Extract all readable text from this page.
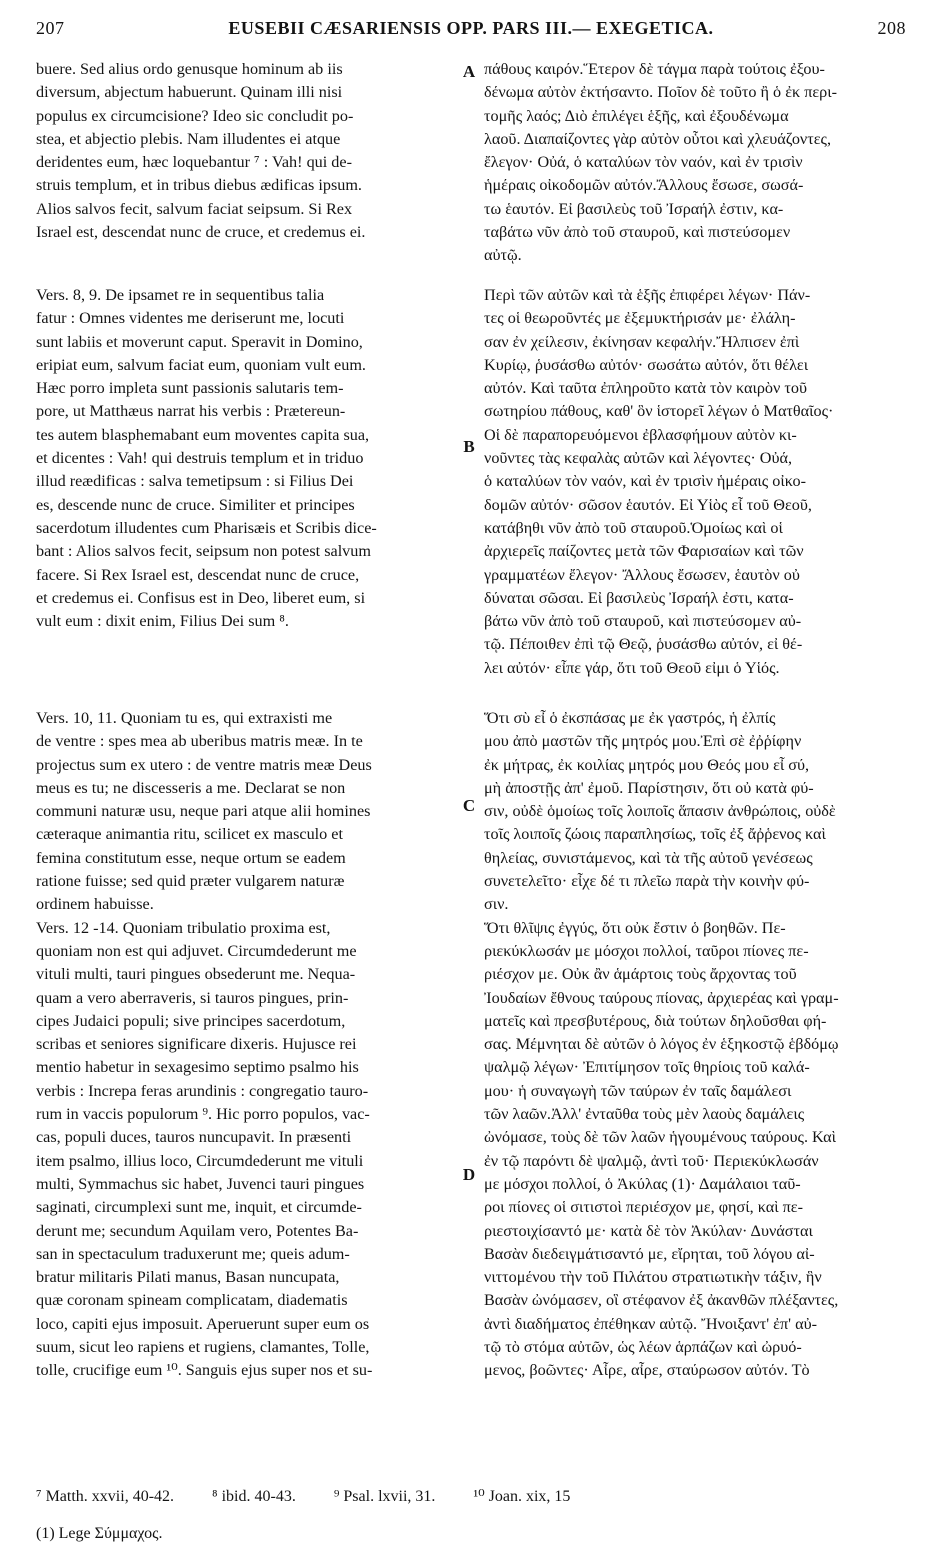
207	EUSEBII CÆSARIENSIS OPP. PARS III.— EXEGETICA.	208
A
B
C
D
buere. Sed alius ordo genusque hominum ab iis
diversum, abjectum habuerunt. Quinam illi nisi
populus ex circumcisione? Ideo sic concludit po-
stea, et abjectio plebis. Nam illudentes ei atque
deridentes eum, hæc loquebantur ⁷ : Vah! qui de-
struis templum, et in tribus diebus ædificas ipsum.
Alios salvos fecit, salvum faciat seipsum. Si Rex
Israel est, descendat nunc de cruce, et credemus ei.
Vers. 8, 9. De ipsamet re in sequentibus talia
fatur : Omnes videntes me deriserunt me, locuti
sunt labiis et moverunt caput. Speravit in Domino,
eripiat eum, salvum faciat eum, quoniam vult eum.
Hæc porro impleta sunt passionis salutaris tem-
pore, ut Matthæus narrat his verbis : Prætereun-
tes autem blasphemabant eum moventes capita sua,
et dicentes : Vah! qui destruis templum et in triduo
illud reædificas : salva temetipsum : si Filius Dei
es, descende nunc de cruce. Similiter et principes
sacerdotum illudentes cum Pharisæis et Scribis dice-
bant : Alios salvos fecit, seipsum non potest salvum
facere. Si Rex Israel est, descendat nunc de cruce,
et credemus ei. Confisus est in Deo, liberet eum, si
vult eum : dixit enim, Filius Dei sum ⁸.
Vers. 10, 11. Quoniam tu es, qui extraxisti me
de ventre : spes mea ab uberibus matris meæ. In te
projectus sum ex utero : de ventre matris meæ Deus
meus es tu; ne discesseris a me. Declarat se non
communi naturæ usu, neque pari atque alii homines
cæteraque animantia ritu, scilicet ex masculo et
femina constitutum esse, neque ortum se eadem
ratione fuisse; sed quid præter vulgarem naturæ
ordinem habuisse.
Vers. 12 -14. Quoniam tribulatio proxima est,
quoniam non est qui adjuvet. Circumdederunt me
vituli multi, tauri pingues obsederunt me. Nequa-
quam a vero aberraveris, si tauros pingues, prin-
cipes Judaici populi; sive principes sacerdotum,
scribas et seniores significare dixeris. Hujusce rei
mentio habetur in sexagesimo septimo psalmo his
verbis : Increpa feras arundinis : congregatio tauro-
rum in vaccis populorum ⁹. Hic porro populos, vac-
cas, populi duces, tauros nuncupavit. In præsenti
item psalmo, illius loco, Circumdederunt me vituli
multi, Symmachus sic habet, Juvenci tauri pingues
saginati, circumplexi sunt me, inquit, et circumde-
derunt me; secundum Aquilam vero, Potentes Ba-
san in spectaculum traduxerunt me; queis adum-
bratur militaris Pilati manus, Basan nuncupata,
quæ coronam spineam complicatam, diadematis
loco, capiti ejus imposuit. Aperuerunt super eum os
suum, sicut leo rapiens et rugiens, clamantes, Tolle,
tolle, crucifige eum ¹⁰. Sanguis ejus super nos et su-
πάθους καιρόν.Ἕτερον δὲ τάγμα παρὰ τούτοις ἐξου-
δένωμα αὐτὸν ἐκτήσαντο. Ποῖον δὲ τοῦτο ἢ ὁ ἐκ περι-
τομῆς λαός; Διὸ ἐπιλέγει ἑξῆς, καὶ ἐξουδένωμα
λαοῦ. Διαπαίζοντες γὰρ αὐτὸν οὗτοι καὶ χλευάζοντες,
ἔλεγον· Οὐά, ὁ καταλύων τὸν ναόν, καὶ ἐν τρισὶν
ἡμέραις οἰκοδομῶν αὐτόν.Ἄλλους ἔσωσε, σωσά-
τω ἑαυτόν. Εἰ βασιλεὺς τοῦ Ἰσραήλ ἐστιν, κα-
ταβάτω νῦν ἀπὸ τοῦ σταυροῦ, καὶ πιστεύσομεν
αὐτῷ.
Περὶ τῶν αὐτῶν καὶ τὰ ἑξῆς ἐπιφέρει λέγων· Πάν-
τες οἱ θεωροῦντές με ἐξεμυκτήρισάν με· ἐλάλη-
σαν ἐν χείλεσιν, ἐκίνησαν κεφαλήν.Ἤλπισεν ἐπὶ
Κυρίῳ, ῥυσάσθω αὐτόν· σωσάτω αὐτόν, ὅτι θέλει
αὐτόν. Καὶ ταῦτα ἐπληροῦτο κατὰ τὸν καιρὸν τοῦ
σωτηρίου πάθους, καθ' ὃν ἱστορεῖ λέγων ὁ Ματθαῖος·
Οἱ δὲ παραπορευόμενοι ἐβλασφήμουν αὐτὸν κι-
νοῦντες τὰς κεφαλὰς αὐτῶν καὶ λέγοντες· Οὐά,
ὁ καταλύων τὸν ναόν, καὶ ἐν τρισὶν ἡμέραις οἰκο-
δομῶν αὐτόν· σῶσον ἑαυτόν. Εἰ Υἱὸς εἶ τοῦ Θεοῦ,
κατάβηθι νῦν ἀπὸ τοῦ σταυροῦ.Ὁμοίως καὶ οἱ
ἀρχιερεῖς παίζοντες μετὰ τῶν Φαρισαίων καὶ τῶν
γραμματέων ἔλεγον· Ἄλλους ἔσωσεν, ἑαυτὸν οὐ
δύναται σῶσαι. Εἰ βασιλεὺς Ἰσραήλ ἐστι, κατα-
βάτω νῦν ἀπὸ τοῦ σταυροῦ, καὶ πιστεύσομεν αὐ-
τῷ. Πέποιθεν ἐπὶ τῷ Θεῷ, ῥυσάσθω αὐτόν, εἰ θέ-
λει αὐτόν· εἶπε γάρ, ὅτι τοῦ Θεοῦ εἰμι ὁ Υἱός.
Ὅτι σὺ εἶ ὁ ἐκσπάσας με ἐκ γαστρός, ἡ ἐλπίς
μου ἀπὸ μαστῶν τῆς μητρός μου.Ἐπὶ σὲ ἐῤῥίφην
ἐκ μήτρας, ἐκ κοιλίας μητρός μου Θεός μου εἶ σύ,
μὴ ἀποστῇς ἀπ' ἐμοῦ. Παρίστησιν, ὅτι οὐ κατὰ φύ-
σιν, οὐδὲ ὁμοίως τοῖς λοιποῖς ἅπασιν ἀνθρώποις, οὐδὲ
τοῖς λοιποῖς ζώοις παραπλησίως, τοῖς ἐξ ἄῤῥενος καὶ
θηλείας, συνιστάμενος, καὶ τὰ τῆς αὐτοῦ γενέσεως
συνετελεῖτο· εἶχε δέ τι πλεῖω παρὰ τὴν κοινὴν φύ-
σιν.
Ὅτι θλῖψις ἐγγύς, ὅτι οὐκ ἔστιν ὁ βοηθῶν. Πε-
ριεκύκλωσάν με μόσχοι πολλοί, ταῦροι πίονες πε-
ριέσχον με. Οὐκ ἂν ἁμάρτοις τοὺς ἄρχοντας τοῦ
Ἰουδαίων ἔθνους ταύρους πίονας, ἀρχιερέας καὶ γραμ-
ματεῖς καὶ πρεσβυτέρους, διὰ τούτων δηλοῦσθαι φή-
σας. Μέμνηται δὲ αὐτῶν ὁ λόγος ἐν ἑξηκοστῷ ἑβδόμῳ
ψαλμῷ λέγων· Ἐπιτίμησον τοῖς θηρίοις τοῦ καλά-
μου· ἡ συναγωγὴ τῶν ταύρων ἐν ταῖς δαμάλεσι
τῶν λαῶν.Ἀλλ' ἐνταῦθα τοὺς μὲν λαοὺς δαμάλεις
ὠνόμασε, τοὺς δὲ τῶν λαῶν ἡγουμένους ταύρους. Καὶ
ἐν τῷ παρόντι δὲ ψαλμῷ, ἀντὶ τοῦ· Περιεκύκλωσάν
με μόσχοι πολλοί, ὁ Ἀκύλας (1)· Δαμάλαιοι ταῦ-
ροι πίονες οἱ σιτιστοὶ περιέσχον με, φησί, καὶ πε-
ριεστοιχίσαντό με· κατὰ δὲ τὸν Ἀκύλαν· Δυνάσται
Βασὰν διεδειγμάτισαντό με, εἴρηται, τοῦ λόγου αἰ-
νιττομένου τὴν τοῦ Πιλάτου στρατιωτικὴν τάξιν, ἣν
Βασὰν ὠνόμασεν, οἳ στέφανον ἐξ ἀκανθῶν πλέξαντες,
ἀντὶ διαδήματος ἐπέθηκαν αὐτῷ. Ἤνοιξαντ' ἐπ' αὐ-
τῷ τὸ στόμα αὐτῶν, ὡς λέων ἁρπάζων καὶ ὠρυό-
μενος, βοῶντες· Αἶρε, αἶρε, σταύρωσον αὐτόν. Τὸ
⁷ Matth. xxvii, 40-42. ⁸ ibid. 40-43. ⁹ Psal. lxvii, 31. ¹⁰ Joan. xix, 15
(1) Lege Σύμμαχος.
